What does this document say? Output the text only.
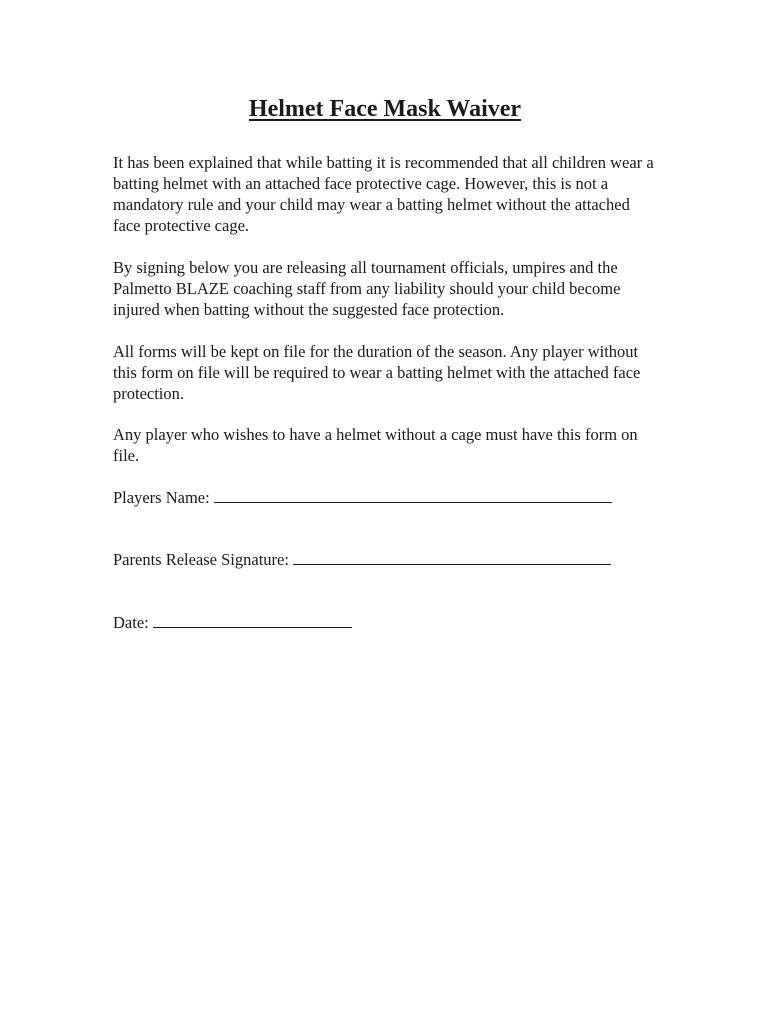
Helmet Face Mask Waiver

It has been explained that while batting it is recommended that all children wear a batting helmet with an attached face protective cage. However, this is not a mandatory rule and your child may wear a batting helmet without the attached face protective cage.

By signing below you are releasing all tournament officials, umpires and the Palmetto BLAZE coaching staff from any liability should your child become injured when batting without the suggested face protection.

All forms will be kept on file for the duration of the season. Any player without this form on file will be required to wear a batting helmet with the attached face protection.

Any player who wishes to have a helmet without a cage must have this form on file.

Players Name:
Parents Release Signature:
Date:
